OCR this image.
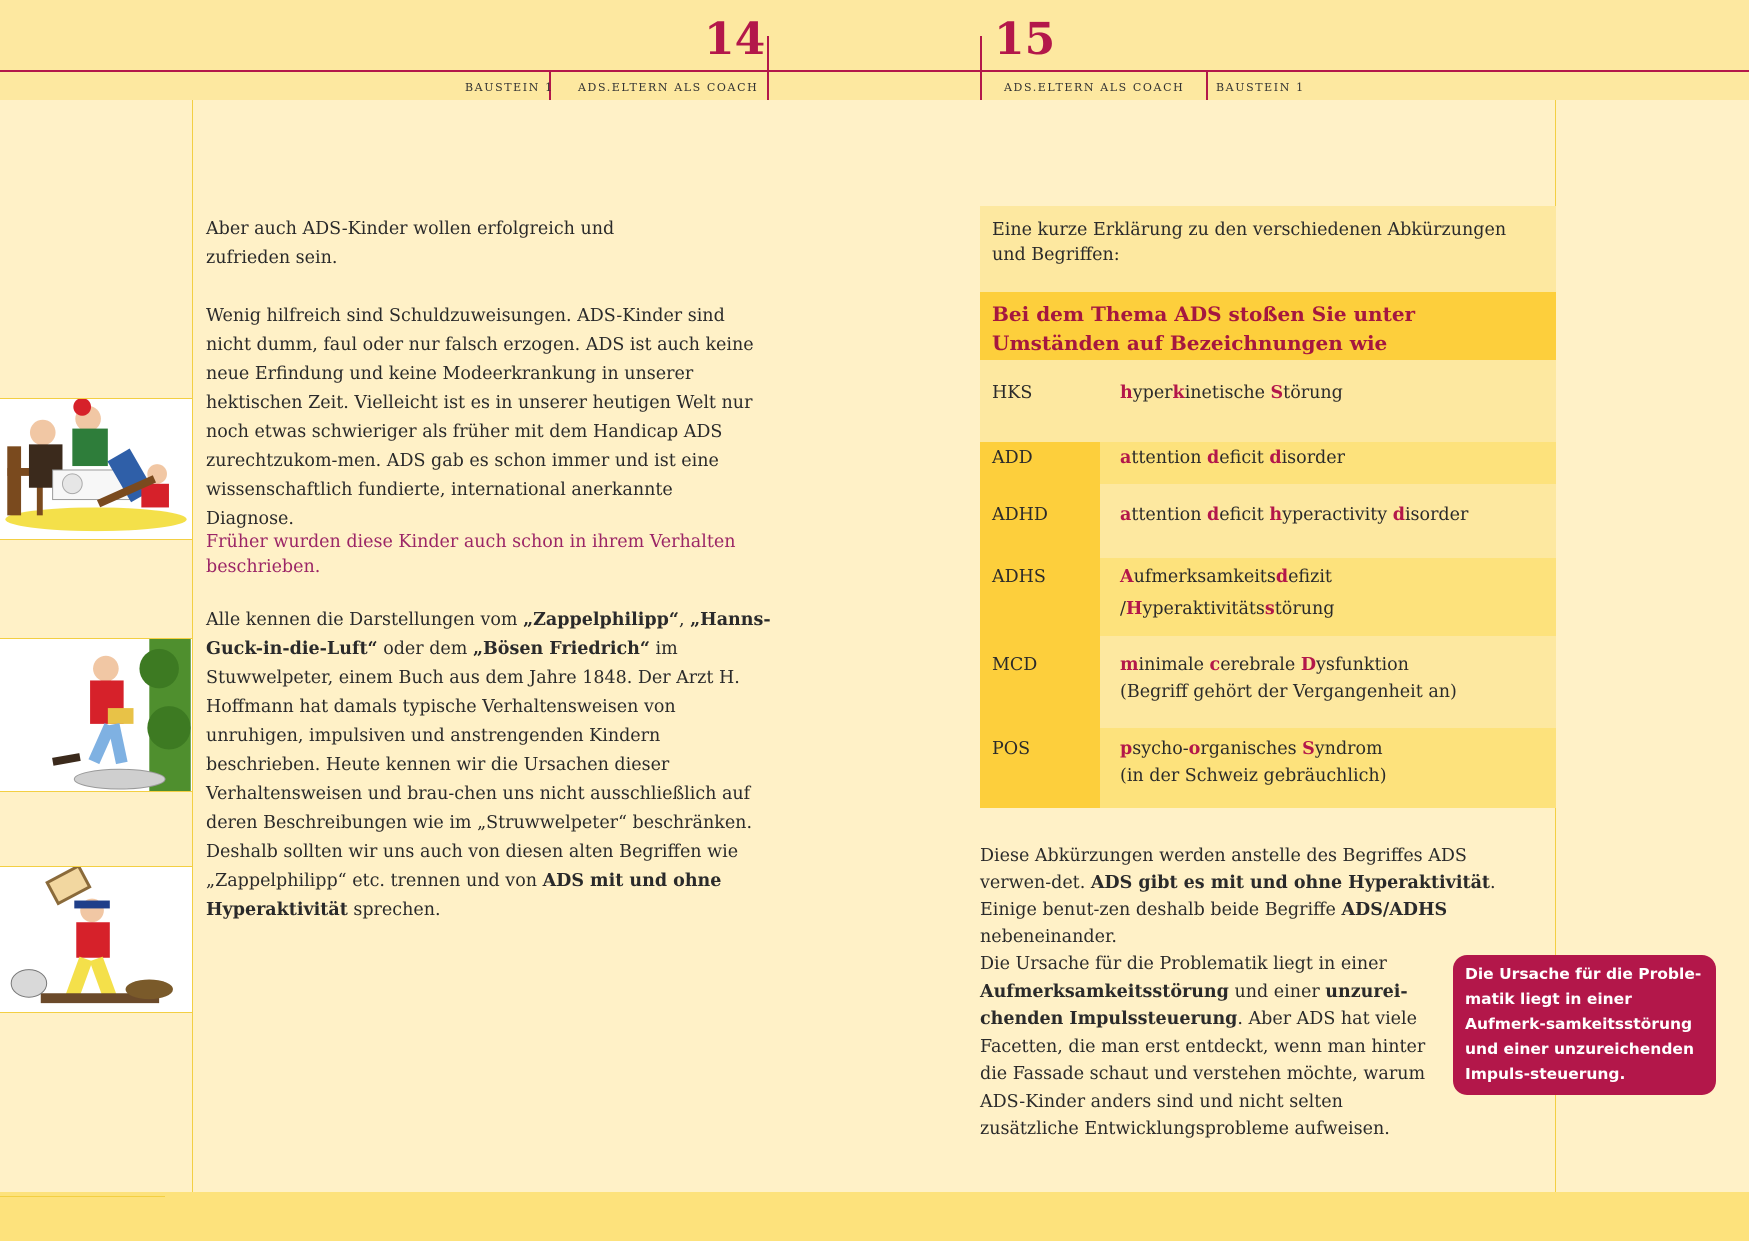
14	15
BAUSTEIN 1 ADS.ELTERN ALS COACH	ADS.ELTERN ALS COACH	BAUSTEIN 1
Aber auch ADS-Kinder wollen erfolgreich und zufrieden sein.
Wenig hilfreich sind Schuldzuweisungen. ADS-Kinder sind nicht dumm, faul oder nur falsch erzogen. ADS ist auch keine neue Erfindung und keine Modeerkrankung in unserer hektischen Zeit. Vielleicht ist es in unserer heutigen Welt nur noch etwas schwieriger als früher mit dem Handicap ADS zurechtzukom-men. ADS gab es schon immer und ist eine wissenschaftlich fundierte, international anerkannte Diagnose.
Früher wurden diese Kinder auch schon in ihrem Verhalten beschrieben.
Alle kennen die Darstellungen vom „Zappelphilipp“, „Hanns-Guck-in-die-Luft“ oder dem „Bösen Friedrich“ im Stuwwelpeter, einem Buch aus dem Jahre 1848. Der Arzt H. Hoffmann hat damals typische Verhaltensweisen von unruhigen, impulsiven und anstrengenden Kindern beschrieben. Heute kennen wir die Ursachen dieser Verhaltensweisen und brau-chen uns nicht ausschließlich auf deren Beschreibungen wie im „Struwwelpeter“ beschränken. Deshalb sollten wir uns auch von diesen alten Begriffen wie „Zappelphilipp“ etc. trennen und von ADS mit und ohne Hyperaktivität sprechen.
Eine kurze Erklärung zu den verschiedenen Abkürzungen und Begriffen:
Bei dem Thema ADS stoßen Sie unter Umständen auf Bezeichnungen wie
HKS	hyperkinetische Störung
ADD	attention deficit disorder
ADHD	attention deficit hyperactivity disorder
ADHS	Aufmerksamkeitsdefizit
/Hyperaktivitätsstörung
MCD	minimale cerebrale Dysfunktion
(Begriff gehört der Vergangenheit an)
POS	psycho-organisches Syndrom
(in der Schweiz gebräuchlich)
Diese Abkürzungen werden anstelle des Begriffes ADS verwen-det. ADS gibt es mit und ohne Hyperaktivität. Einige benut-zen deshalb beide Begriffe ADS/ADHS nebeneinander.
Die Ursache für die Problematik liegt in einer Aufmerksamkeitsstörung und einer unzurei-chenden Impulssteuerung. Aber ADS hat viele Facetten, die man erst entdeckt, wenn man hinter die Fassade schaut und verstehen möchte, warum ADS-Kinder anders sind und nicht selten zusätzliche Entwicklungsprobleme aufweisen.
Die Ursache für die Proble-matik liegt in einer Aufmerk-samkeitsstörung und einer unzureichenden Impuls-steuerung.
